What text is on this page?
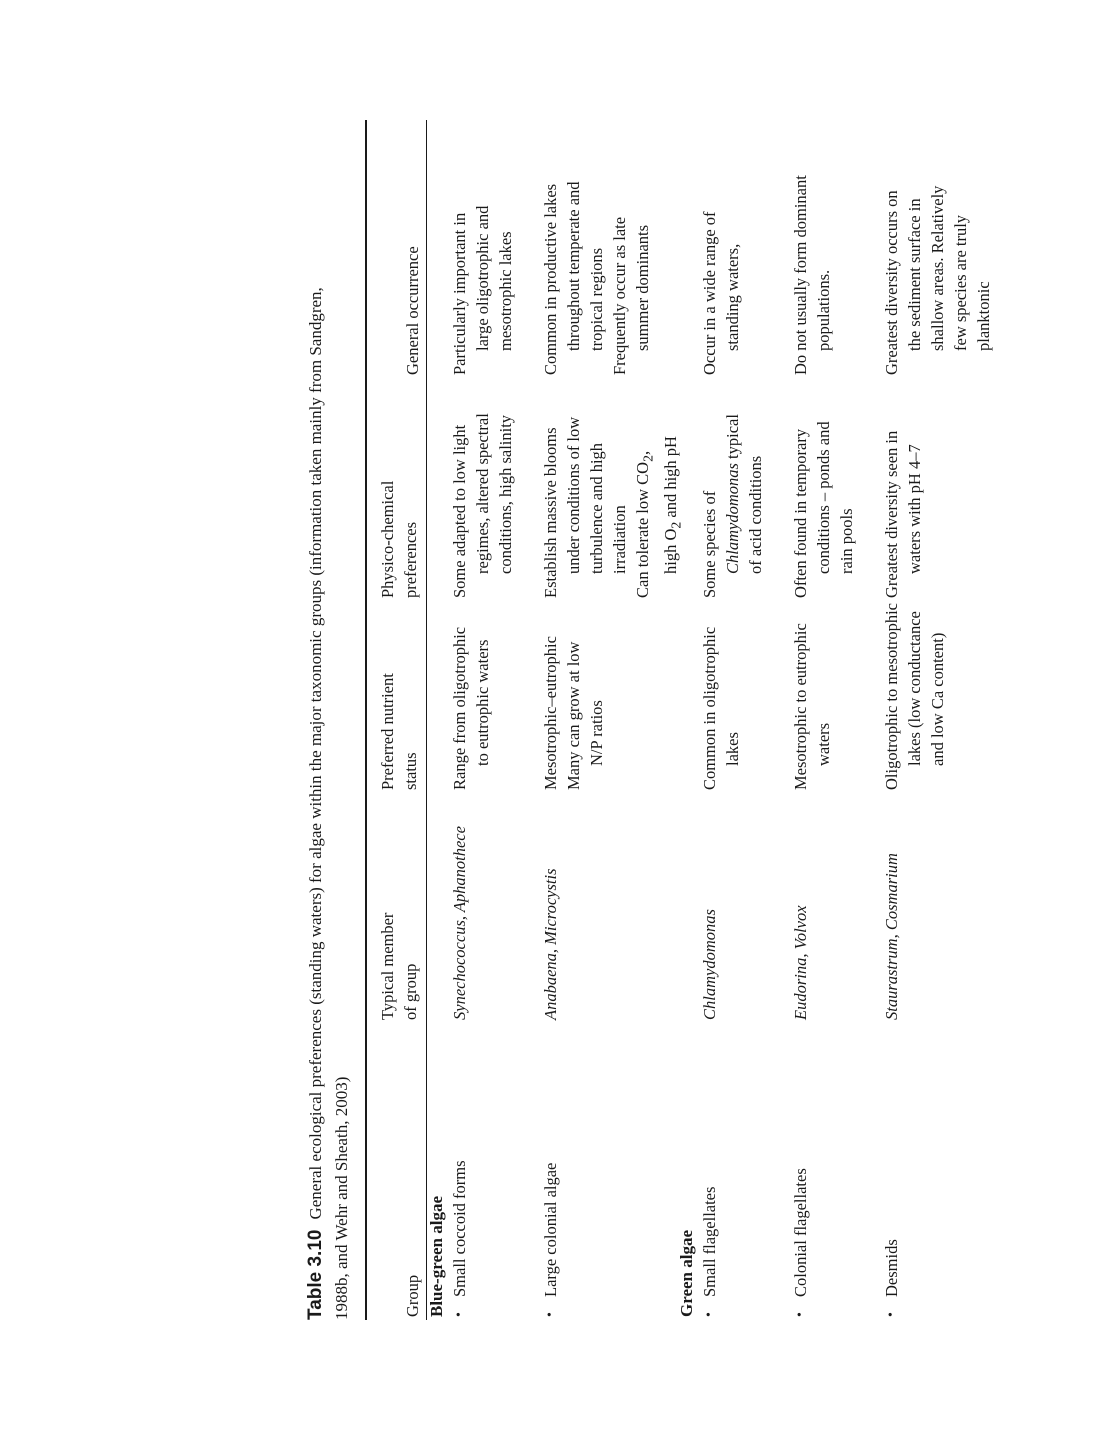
Table 3.10General ecological preferences (standing waters) for algae within the major taxonomic groups (information taken mainly from Sandgren, 1988b, and Wehr and Sheath, 2003)	Group
Typical member of group
Preferred nutrient status
Physico-chemical preferences
General occurrence
Blue-green algae •
Small coccoid forms
Synechococcus, Aphanothece
Range from oligotrophic to eutrophic waters
Some adapted to low light regimes, altered spectral conditions, high salinity
Particularly important in large oligotrophic and mesotrophic lakes
•
Large colonial algae
Anabaena, Microcystis
Mesotrophic–eutrophic Many can grow at low N/P ratios
Establish massive blooms under conditions of low turbulence and high irradiation Can tolerate low $CO_2$,
high $O_2$ and high pH
Common in productive lakes throughout temperate and tropical regions Frequently occur as late summer dominants
Green algae •
Small flagellates
Chlamydomonas
Common in oligotrophic lakes
Some species of Chlamydomonas typical
of acid conditions
Occur in a wide range of standing waters,
•
Colonial flagellates
Eudorina, Volvox
Mesotrophic to eutrophic waters
Often found in temporary conditions – ponds and rain pools
Do not usually form dominant populations.
•
Desmids
Staurastrum, Cosmarium
Oligotrophic to mesotrophic lakes (low conductance and low Ca content)
Greatest diversity seen in waters with pH 4–7
Greatest diversity occurs on the sediment surface in shallow areas. Relatively few species are truly planktonic
